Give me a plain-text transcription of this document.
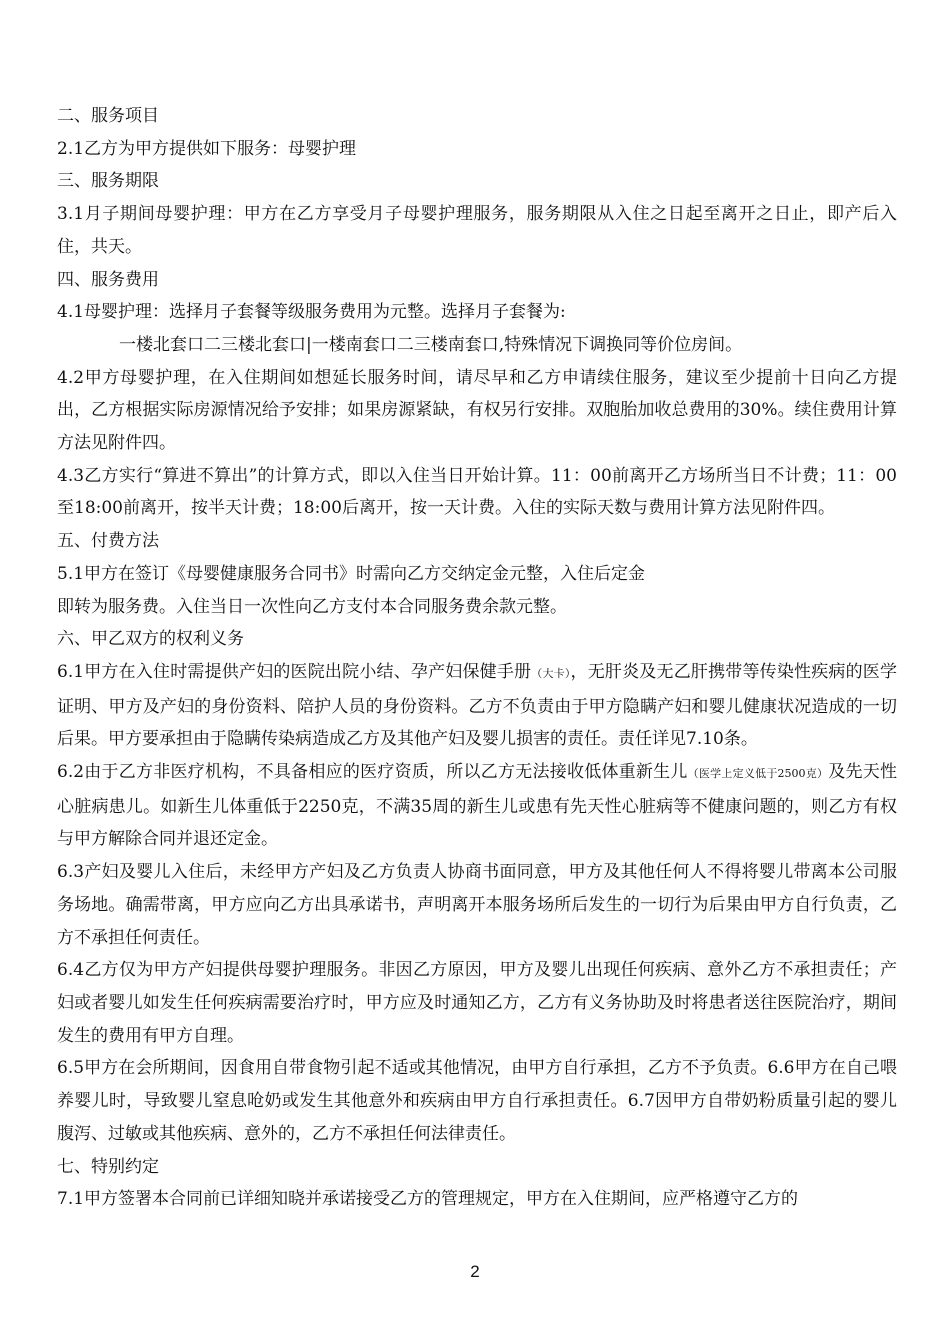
二、服务项目
2.1乙方为甲方提供如下服务：母婴护理
三、服务期限
3.1月子期间母婴护理：甲方在乙方享受月子母婴护理服务，服务期限从入住之日起至离开之日止，即产后入住，共天。
四、服务费用
4.1母婴护理：选择月子套餐等级服务费用为元整。选择月子套餐为:
一楼北套口二三楼北套口|一楼南套口二三楼南套口,特殊情况下调换同等价位房间。
4.2甲方母婴护理，在入住期间如想延长服务时间，请尽早和乙方申请续住服务，建议至少提前十日向乙方提出，乙方根据实际房源情况给予安排；如果房源紧缺，有权另行安排。双胞胎加收总费用的30%。续住费用计算方法见附件四。
4.3乙方实行“算进不算出”的计算方式，即以入住当日开始计算。11：00前离开乙方场所当日不计费；11：00至18:00前离开，按半天计费；18:00后离开，按一天计费。入住的实际天数与费用计算方法见附件四。
五、付费方法
5.1甲方在签订《母婴健康服务合同书》时需向乙方交纳定金元整，入住后定金
即转为服务费。入住当日一次性向乙方支付本合同服务费余款元整。
六、甲乙双方的权利义务
6.1甲方在入住时需提供产妇的医院出院小结、孕产妇保健手册（大卡），无肝炎及无乙肝携带等传染性疾病的医学证明、甲方及产妇的身份资料、陪护人员的身份资料。乙方不负责由于甲方隐瞒产妇和婴儿健康状况造成的一切后果。甲方要承担由于隐瞒传染病造成乙方及其他产妇及婴儿损害的责任。责任详见7.10条。
6.2由于乙方非医疗机构，不具备相应的医疗资质，所以乙方无法接收低体重新生儿（医学上定义低于2500克）及先天性心脏病患儿。如新生儿体重低于2250克，不满35周的新生儿或患有先天性心脏病等不健康问题的，则乙方有权与甲方解除合同并退还定金。
6.3产妇及婴儿入住后，未经甲方产妇及乙方负责人协商书面同意，甲方及其他任何人不得将婴儿带离本公司服务场地。确需带离，甲方应向乙方出具承诺书，声明离开本服务场所后发生的一切行为后果由甲方自行负责，乙方不承担任何责任。
6.4乙方仅为甲方产妇提供母婴护理服务。非因乙方原因，甲方及婴儿出现任何疾病、意外乙方不承担责任；产妇或者婴儿如发生任何疾病需要治疗时，甲方应及时通知乙方，乙方有义务协助及时将患者送往医院治疗，期间发生的费用有甲方自理。
6.5甲方在会所期间，因食用自带食物引起不适或其他情况，由甲方自行承担，乙方不予负责。6.6甲方在自己喂养婴儿时，导致婴儿窒息呛奶或发生其他意外和疾病由甲方自行承担责任。6.7因甲方自带奶粉质量引起的婴儿腹泻、过敏或其他疾病、意外的，乙方不承担任何法律责任。
七、特别约定
7.1甲方签署本合同前已详细知晓并承诺接受乙方的管理规定，甲方在入住期间，应严格遵守乙方的
2
